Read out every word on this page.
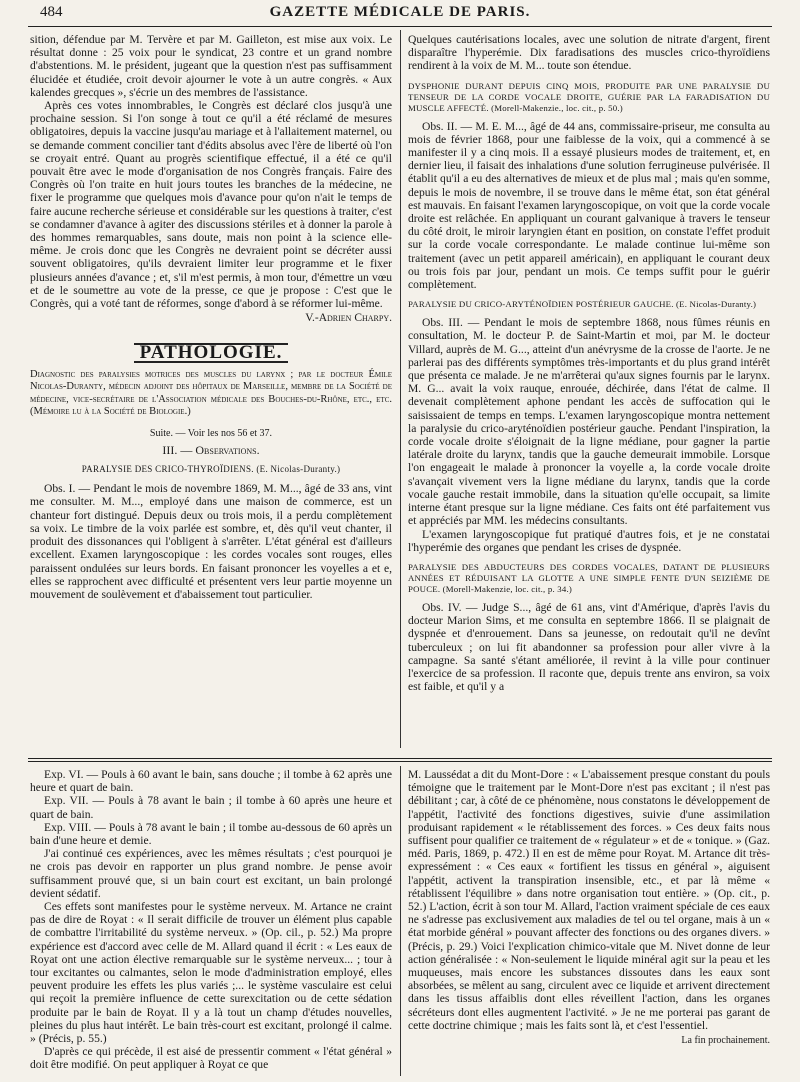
484	GAZETTE MÉDICALE DE PARIS.

sition, défendue par M. Tervère et par M. Gailleton, est mise aux voix. Le résultat donne : 25 voix pour le syndicat, 23 contre et un grand nombre d'abstentions. M. le président, jugeant que la question n'est pas suffisamment élucidée et étudiée, croit devoir ajourner le vote à un autre congrès. « Aux kalendes grecques », s'écrie un des membres de l'assistance.

Après ces votes innombrables, le Congrès est déclaré clos jusqu'à une prochaine session. Si l'on songe à tout ce qu'il a été réclamé de mesures obligatoires, depuis la vaccine jusqu'au mariage et à l'allaitement maternel, ou se demande comment concilier tant d'édits absolus avec l'ère de liberté où l'on se croyait entré. Quant au progrès scientifique effectué, il a été ce qu'il pouvait être avec le mode d'organisation de nos Congrès français. Faire des Congrès où l'on traite en huit jours toutes les branches de la médecine, ne fixer le programme que quelques mois d'avance pour qu'on n'ait le temps de faire aucune recherche sérieuse et considérable sur les questions à traiter, c'est se condamner d'avance à agiter des discussions stériles et à donner la parole à des hommes remarquables, sans doute, mais non point à la science elle-même. Je crois donc que les Congrès ne devraient point se décréter aussi souvent obligatoires, qu'ils devraient limiter leur programme et le fixer plusieurs années d'avance ; et, s'il m'est permis, à mon tour, d'émettre un vœu et de le soumettre au vote de la presse, ce que je propose : C'est que le Congrès, qui a voté tant de réformes, songe d'abord à se réformer lui-même.

V.-Adrien Charpy.
PATHOLOGIE.
Diagnostic des paralysies motrices des muscles du larynx ; par le docteur Émile Nicolas-Duranty, médecin adjoint des hôpitaux de Marseille, membre de la Société de médecine, vice-secrétaire de l'Association médicale des Bouches-du-Rhône, etc., etc. (Mémoire lu à la Société de Biologie.)
Suite. — Voir les nos 56 et 37.
III. — Observations.
PARALYSIE DES CRICO-THYROÏDIENS. (E. Nicolas-Duranty.)

Obs. I. — Pendant le mois de novembre 1869, M. M..., âgé de 33 ans, vint me consulter. M. M..., employé dans une maison de commerce, est un chanteur fort distingué. Depuis deux ou trois mois, il a perdu complètement sa voix. Le timbre de la voix parlée est sombre, et, dès qu'il veut chanter, il produit des dissonances qui l'obligent à s'arrêter. L'état général est d'ailleurs excellent. Examen laryngoscopique : les cordes vocales sont rouges, elles paraissent ondulées sur leurs bords. En faisant prononcer les voyelles a et e, elles se rapprochent avec difficulté et présentent vers leur partie moyenne un mouvement de soulèvement et d'abaissement tout particulier.

Quelques cautérisations locales, avec une solution de nitrate d'argent, firent disparaître l'hyperémie. Dix faradisations des muscles crico-thyroïdiens rendirent à la voix de M. M... toute son étendue.

DYSPHONIE DURANT DEPUIS CINQ MOIS, PRODUITE PAR UNE PARALYSIE DU TENSEUR DE LA CORDE VOCALE DROITE, GUÉRIE PAR LA FARADISATION DU MUSCLE AFFECTÉ. (Morell-Makenzie., loc. cit., p. 50.)

Obs. II. — M. E. M..., âgé de 44 ans, commissaire-priseur, me consulta au mois de février 1868, pour une faiblesse de la voix, qui a commencé à se manifester il y a cinq mois. Il a essayé plusieurs modes de traitement, et, en dernier lieu, il faisait des inhalations d'une solution ferrugineuse pulvérisée. Il établit qu'il a eu des alternatives de mieux et de plus mal ; mais qu'en somme, depuis le mois de novembre, il se trouve dans le même état, son état général est mauvais. En faisant l'examen laryngoscopique, on voit que la corde vocale droite est relâchée. En appliquant un courant galvanique à travers le tenseur du côté droit, le miroir laryngien étant en position, on constate l'effet produit sur la corde vocale correspondante. Le malade continue lui-même son traitement (avec un petit appareil américain), en appliquant le courant deux ou trois fois par jour, pendant un mois. Ce temps suffit pour le guérir complètement.

PARALYSIE DU CRICO-ARYTÉNOÏDIEN POSTÉRIEUR GAUCHE. (E. Nicolas-Duranty.)

Obs. III. — Pendant le mois de septembre 1868, nous fûmes réunis en consultation, M. le docteur P. de Saint-Martin et moi, par M. le docteur Villard, auprès de M. G..., atteint d'un anévrysme de la crosse de l'aorte. Je ne parlerai pas des différents symptômes très-importants et du plus grand intérêt que présenta ce malade. Je ne m'arrêterai qu'aux signes fournis par le larynx. M. G... avait la voix rauque, enrouée, déchirée, dans l'état de calme. Il devenait complètement aphone pendant les accès de suffocation qui le saisissaient de temps en temps. L'examen laryngoscopique montra nettement la paralysie du crico-aryténoïdien postérieur gauche. Pendant l'inspiration, la corde vocale droite s'éloignait de la ligne médiane, pour gagner la partie latérale droite du larynx, tandis que la gauche demeurait immobile. Lorsque l'on engageait le malade à prononcer la voyelle a, la corde vocale droite s'avançait vivement vers la ligne médiane du larynx, tandis que la corde vocale gauche restait immobile, dans la situation qu'elle occupait, sa limite interne étant presque sur la ligne médiane. Ces faits ont été parfaitement vus et appréciés par MM. les médecins consultants.

L'examen laryngoscopique fut pratiqué d'autres fois, et je ne constatai l'hyperémie des organes que pendant les crises de dyspnée.

PARALYSIE DES ABDUCTEURS DES CORDES VOCALES, DATANT DE PLUSIEURS ANNÉES ET RÉDUISANT LA GLOTTE A UNE SIMPLE FENTE D'UN SEIZIÈME DE POUCE. (Morell-Makenzie, loc. cit., p. 34.)

Obs. IV. — Judge S..., âgé de 61 ans, vint d'Amérique, d'après l'avis du docteur Marion Sims, et me consulta en septembre 1866. Il se plaignait de dyspnée et d'enrouement. Dans sa jeunesse, on redoutait qu'il ne devînt tuberculeux ; on lui fit abandonner sa profession pour aller vivre à la campagne. Sa santé s'étant améliorée, il revint à la ville pour continuer l'exercice de sa profession. Il raconte que, depuis trente ans environ, sa voix est faible, et qu'il y a

Exp. VI. — Pouls à 60 avant le bain, sans douche ; il tombe à 62 après une heure et quart de bain.

Exp. VII. — Pouls à 78 avant le bain ; il tombe à 60 après une heure et quart de bain.

Exp. VIII. — Pouls à 78 avant le bain ; il tombe au-dessous de 60 après un bain d'une heure et demie.

J'ai continué ces expériences, avec les mêmes résultats ; c'est pourquoi je ne crois pas devoir en rapporter un plus grand nombre. Je pense avoir suffisamment prouvé que, si un bain court est excitant, un bain prolongé devient sédatif.

Ces effets sont manifestes pour le système nerveux. M. Artance ne craint pas de dire de Royat : « Il serait difficile de trouver un élément plus capable de combattre l'irritabilité du système nerveux. » (Op. cil., p. 52.) Ma propre expérience est d'accord avec celle de M. Allard quand il écrit : « Les eaux de Royat ont une action élective remarquable sur le système nerveux... ; tour à tour excitantes ou calmantes, selon le mode d'administration employé, elles peuvent produire les effets les plus variés ;... le système vasculaire est celui qui reçoit la première influence de cette surexcitation ou de cette sédation produite par le bain de Royat. Il y a là tout un champ d'études nouvelles, pleines du plus haut intérêt. Le bain très-court est excitant, prolongé il calme. » (Précis, p. 55.)

D'après ce qui précède, il est aisé de pressentir comment « l'état général » doit être modifié. On peut appliquer à Royat ce que

M. Laussédat a dit du Mont-Dore : « L'abaissement presque constant du pouls témoigne que le traitement par le Mont-Dore n'est pas excitant ; il n'est pas débilitant ; car, à côté de ce phénomène, nous constatons le développement de l'appétit, l'activité des fonctions digestives, suivie d'une assimilation produisant rapidement « le rétablissement des forces. » Ces deux faits nous suffisent pour qualifier ce traitement de « régulateur » et de « tonique. » (Gaz. méd. Paris, 1869, p. 472.) Il en est de même pour Royat. M. Artance dit très-expressément : « Ces eaux « fortifient les tissus en général », aiguisent l'appétit, activent la transpiration insensible, etc., et par là même « rétablissent l'équilibre » dans notre organisation tout entière. » (Op. cit., p. 52.) L'action, écrit à son tour M. Allard, l'action vraiment spéciale de ces eaux ne s'adresse pas exclusivement aux maladies de tel ou tel organe, mais à un « état morbide général » pouvant affecter des fonctions ou des organes divers. » (Précis, p. 29.) Voici l'explication chimico-vitale que M. Nivet donne de leur action généralisée : « Non-seulement le liquide minéral agit sur la peau et les muqueuses, mais encore les substances dissoutes dans les eaux sont absorbées, se mêlent au sang, circulent avec ce liquide et arrivent directement dans les tissus affaiblis dont elles réveillent l'action, dans les organes sécréteurs dont elles augmentent l'activité. » Je ne me porterai pas garant de cette doctrine chimique ; mais les faits sont là, et c'est l'essentiel.

La fin prochainement.
